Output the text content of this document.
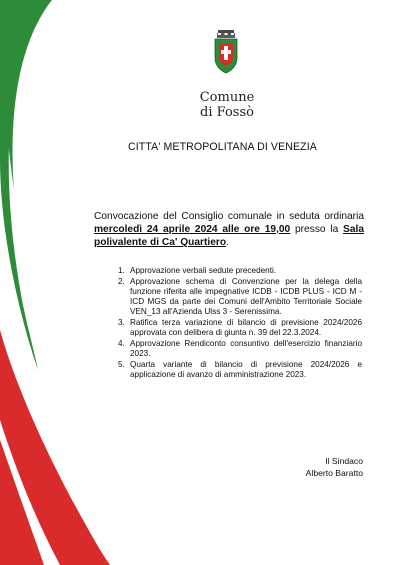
Comune
di Fossò
CITTA' METROPOLITANA DI VENEZIA
Convocazione del Consiglio comunale in seduta ordinaria mercoledì 24 aprile 2024 alle ore 19,00 presso la Sala polivalente di Ca' Quartiero.
1. Approvazione verbali sedute precedenti.
2. Approvazione schema di Convenzione per la delega della funzione riferita alle impegnative ICDB - ICDB PLUS - ICD M - ICD MGS da parte dei Comuni dell'Ambito Territoriale Sociale VEN_13 all'Azienda Ulss 3 - Serenissima.
3. Ratifica terza variazione di bilancio di previsione 2024/2026 approvata con delibera di giunta n. 39 del 22.3.2024.
4. Approvazione Rendiconto consuntivo dell'esercizio finanziario 2023.
5. Quarta variante di bilancio di previsione 2024/2026 e applicazione di avanzo di amministrazione 2023.
Il Sindaco
Alberto Baratto
